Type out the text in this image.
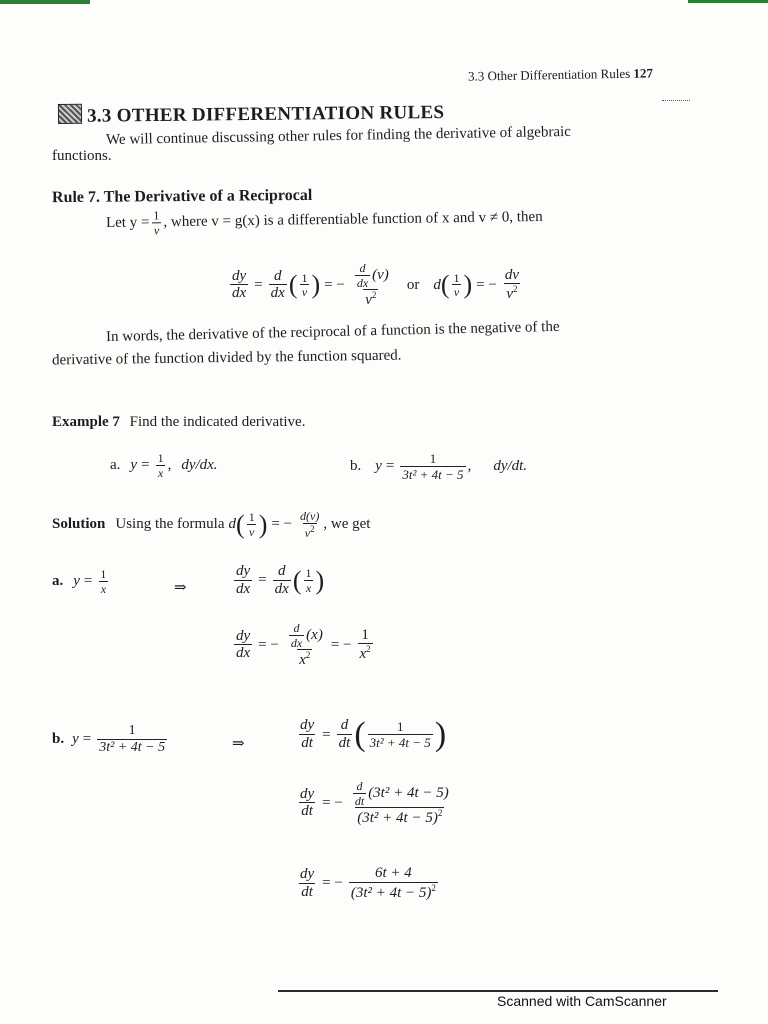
3.3 Other Differentiation Rules 127
3.3 OTHER DIFFERENTIATION RULES
We will continue discussing other rules for finding the derivative of algebraic
functions.
Rule 7. The Derivative of a Reciprocal
Let $y = \frac{1}{v}$ , where v = g(x) is a differentiable function of x and v ≠ 0, then
$\frac{dy}{dx} = \frac{d}{dx}$ ( $\frac{1}{v}$ ) = − $\frac{\frac{d}{dx} (v)}{v^2}$ or d ( $\frac{1}{v}$ ) = − $\frac{dv}{v^2}$
In words, the derivative of the reciprocal of a function is the negative of the
derivative of the function divided by the function squared.
Example 7 Find the indicated derivative.
a. $y = \frac{1}{x}$ , dy/dx.	b. $y = \frac{1}{\text{3t² + 4t − 5}}$ , dy/dt.
Solution Using the formula d ( $\frac{1}{v}$ ) = − $\frac{d(v)}{v^2}$ , we get
a. $y = \frac{1}{x}$	⇒	$\frac{dy}{dx} = \frac{d}{dx}$ ( $\frac{1}{x}$ )
$\frac{dy}{dx}$ = − $\frac{\frac{d}{dx} (x)}{x^2}$ = − $\frac{1}{x^2}$
b. $y = \frac{1}{\text{3t² + 4t − 5}}$	⇒	$\frac{dy}{dt} = \frac{d}{dt}$ ( $\frac{1}{\text{3t² + 4t − 5}}$ )
$\frac{dy}{dt}$ = − $\frac{\frac{d}{dt} (3t^2 + 4t - 5)}{(3t^2 + 4t - 5)^2}$
$\frac{dy}{dt}$ = − $\frac{6t + 4}{(3t^2 + 4t - 5)^2}$
Scanned with CamScanner
